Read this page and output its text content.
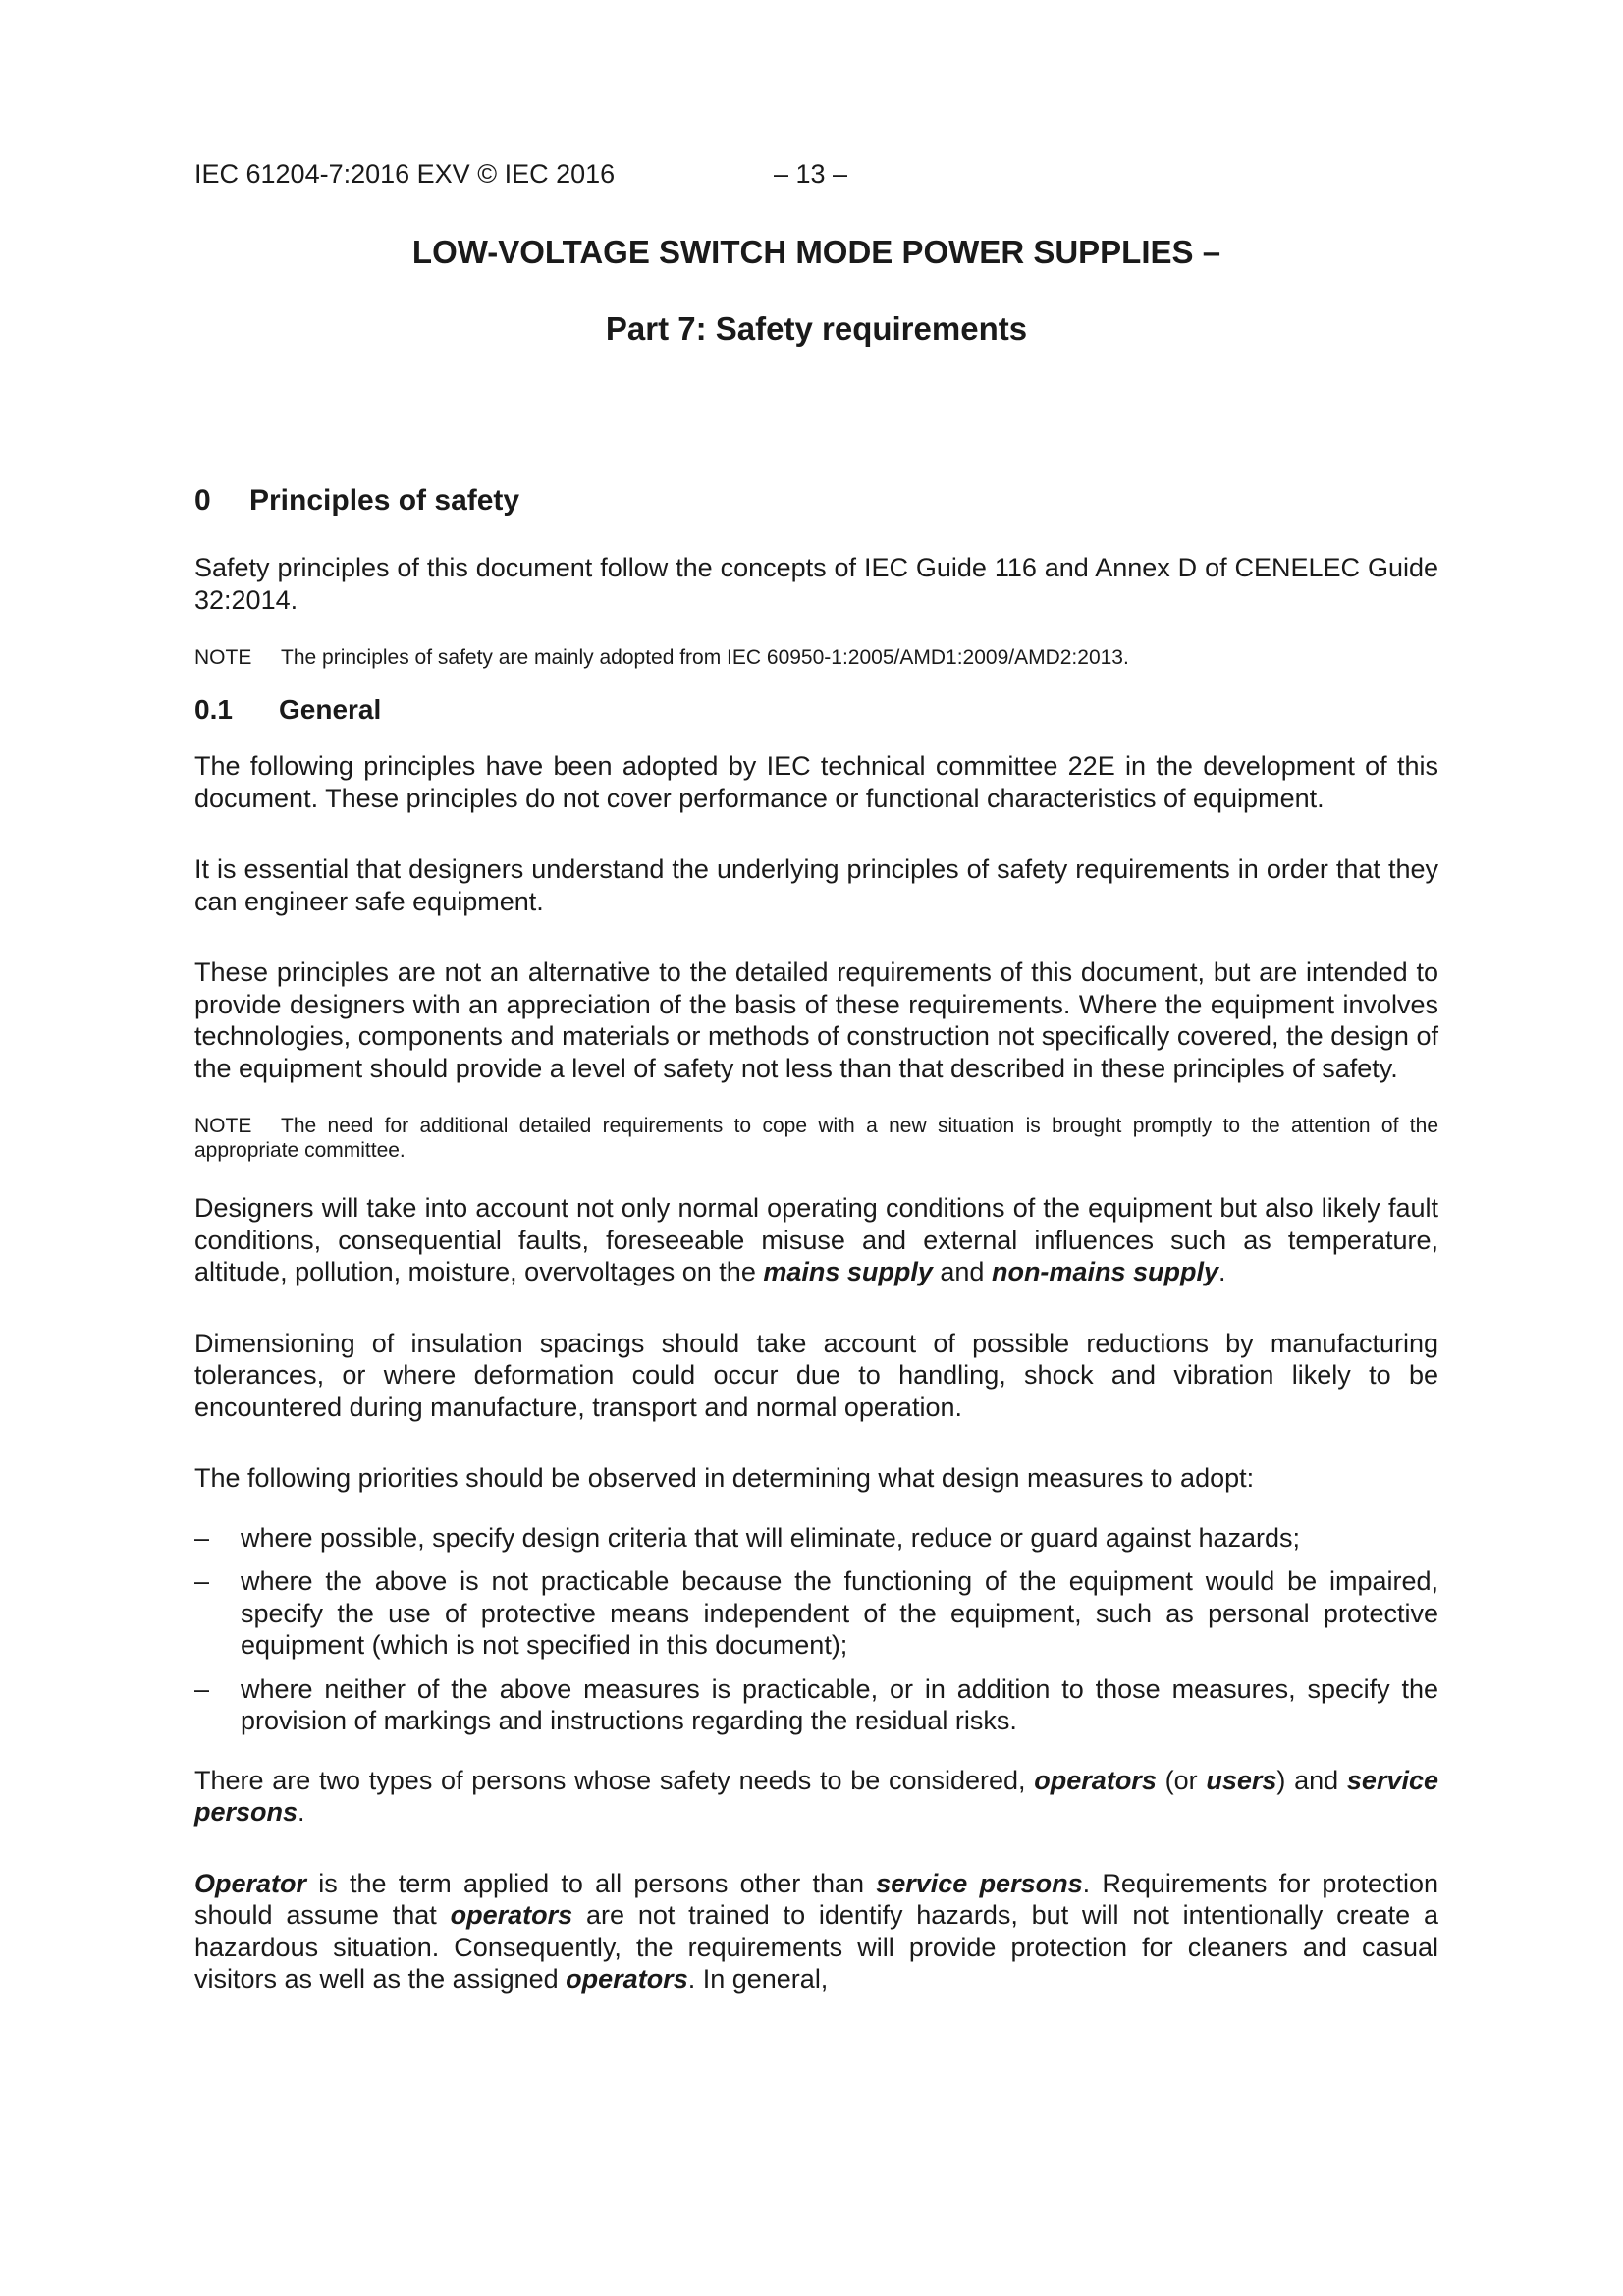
IEC 61204-7:2016 EXV © IEC 2016	– 13 –
LOW-VOLTAGE SWITCH MODE POWER SUPPLIES –
Part 7: Safety requirements

0 Principles of safety

Safety principles of this document follow the concepts of IEC Guide 116 and Annex D of CENELEC Guide 32:2014.

NOTE The principles of safety are mainly adopted from IEC 60950-1:2005/AMD1:2009/AMD2:2013.

0.1 General

The following principles have been adopted by IEC technical committee 22E in the development of this document. These principles do not cover performance or functional characteristics of equipment.

It is essential that designers understand the underlying principles of safety requirements in order that they can engineer safe equipment.

These principles are not an alternative to the detailed requirements of this document, but are intended to provide designers with an appreciation of the basis of these requirements. Where the equipment involves technologies, components and materials or methods of construction not specifically covered, the design of the equipment should provide a level of safety not less than that described in these principles of safety.

NOTE The need for additional detailed requirements to cope with a new situation is brought promptly to the attention of the appropriate committee.

Designers will take into account not only normal operating conditions of the equipment but also likely fault conditions, consequential faults, foreseeable misuse and external influences such as temperature, altitude, pollution, moisture, overvoltages on the mains supply and non-mains supply.

Dimensioning of insulation spacings should take account of possible reductions by manufacturing tolerances, or where deformation could occur due to handling, shock and vibration likely to be encountered during manufacture, transport and normal operation.

The following priorities should be observed in determining what design measures to adopt:

– where possible, specify design criteria that will eliminate, reduce or guard against hazards;
– where the above is not practicable because the functioning of the equipment would be impaired, specify the use of protective means independent of the equipment, such as personal protective equipment (which is not specified in this document);
– where neither of the above measures is practicable, or in addition to those measures, specify the provision of markings and instructions regarding the residual risks.

There are two types of persons whose safety needs to be considered, operators (or users) and service persons.

Operator is the term applied to all persons other than service persons. Requirements for protection should assume that operators are not trained to identify hazards, but will not intentionally create a hazardous situation. Consequently, the requirements will provide protection for cleaners and casual visitors as well as the assigned operators. In general,
